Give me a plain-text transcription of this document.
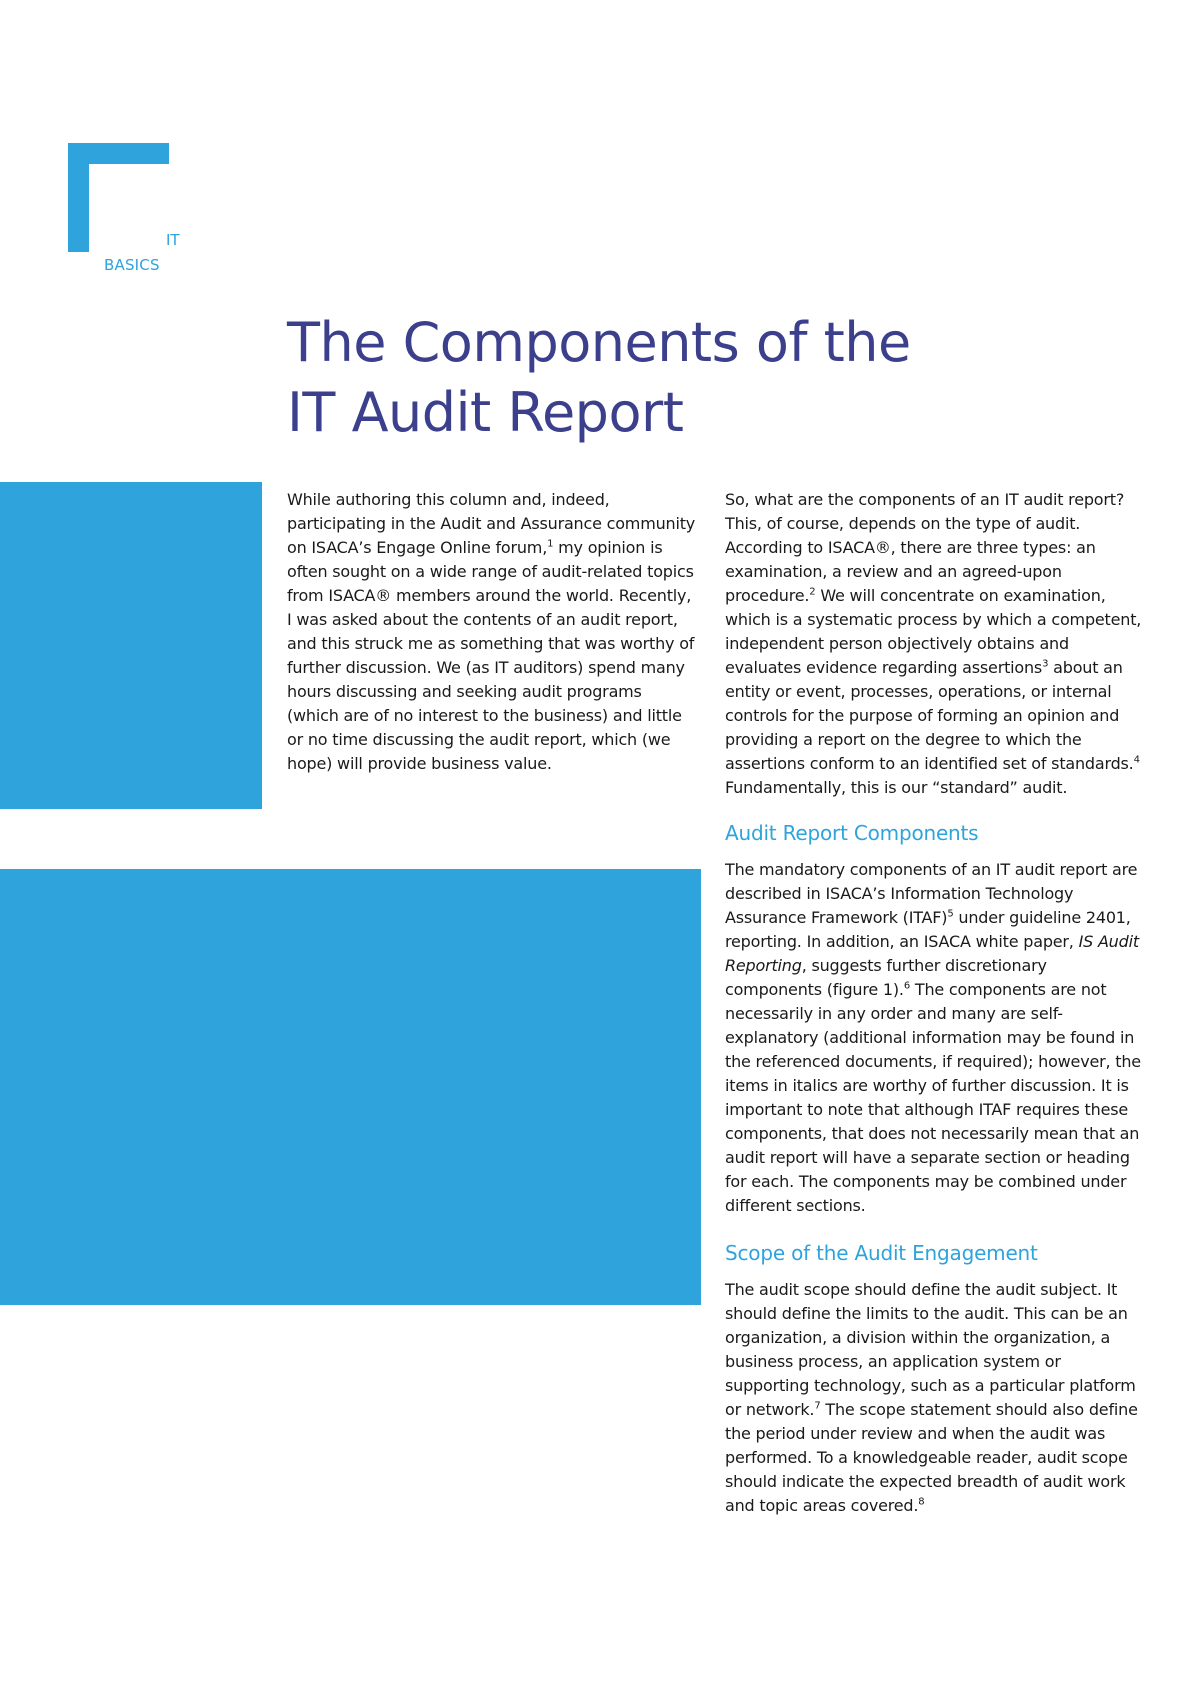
IT
BASICS
The Components of the
IT Audit Report

While authoring this column and, indeed, participating in the Audit and Assurance community on ISACA’s Engage Online forum,$^1$ my opinion is often sought on a wide range of audit-related topics from ISACA® members around the world. Recently, I was asked about the contents of an audit report, and this struck me as something that was worthy of further discussion. We (as IT auditors) spend many hours discussing and seeking audit programs (which are of no interest to the business) and little or no time discussing the audit report, which (we hope) will provide business value.

So, what are the components of an IT audit report? This, of course, depends on the type of audit. According to ISACA®, there are three types: an examination, a review and an agreed-upon procedure.$^2$ We will concentrate on examination, which is a systematic process by which a competent, independent person objectively obtains and evaluates evidence regarding assertions$^3$ about an entity or event, processes, operations, or internal controls for the purpose of forming an opinion and providing a report on the degree to which the assertions conform to an identified set of standards.$^4$ Fundamentally, this is our “standard” audit.

Audit Report Components

The mandatory components of an IT audit report are described in ISACA’s Information Technology Assurance Framework (ITAF)$^5$ under guideline 2401, reporting. In addition, an ISACA white paper, IS Audit Reporting, suggests further discretionary components (figure 1).$^6$ The components are not necessarily in any order and many are self-explanatory (additional information may be found in the referenced documents, if required); however, the items in italics are worthy of further discussion. It is important to note that although ITAF requires these components, that does not necessarily mean that an audit report will have a separate section or heading for each. The components may be combined under different sections.

Scope of the Audit Engagement

The audit scope should define the audit subject. It should define the limits to the audit. This can be an organization, a division within the organization, a business process, an application system or supporting technology, such as a particular platform or network.$^7$ The scope statement should also define the period under review and when the audit was performed. To a knowledgeable reader, audit scope should indicate the expected breadth of audit work and topic areas covered.$^8$
